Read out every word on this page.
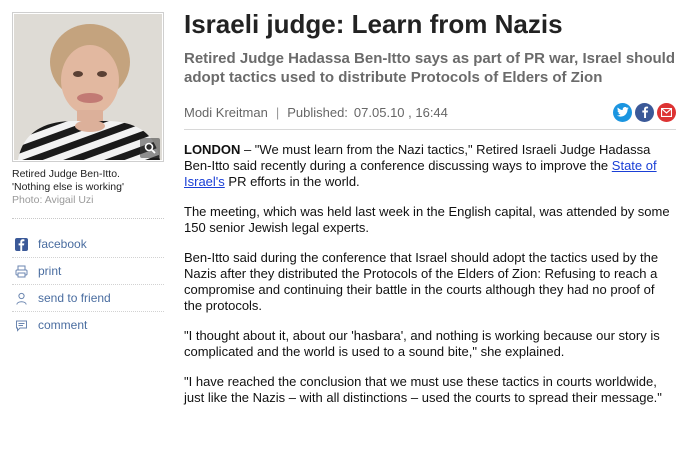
Retired Judge Ben-Itto.
'Nothing else is working'
Photo: Avigail Uzi
facebook
print
send to friend
comment
Israeli judge: Learn from Nazis
Retired Judge Hadassa Ben-Itto says as part of PR war, Israel should adopt tactics used to distribute Protocols of Elders of Zion
Modi Kreitman | Published: 07.05.10 , 16:44

LONDON – "We must learn from the Nazi tactics," Retired Israeli Judge Hadassa Ben-Itto said recently during a conference discussing ways to improve the State of Israel's PR efforts in the world.

The meeting, which was held last week in the English capital, was attended by some 150 senior Jewish legal experts.

Ben-Itto said during the conference that Israel should adopt the tactics used by the Nazis after they distributed the Protocols of the Elders of Zion: Refusing to reach a compromise and continuing their battle in the courts although they had no proof of the protocols.

"I thought about it, about our 'hasbara', and nothing is working because our story is complicated and the world is used to a sound bite," she explained.

"I have reached the conclusion that we must use these tactics in courts worldwide, just like the Nazis – with all distinctions – used the courts to spread their message."
